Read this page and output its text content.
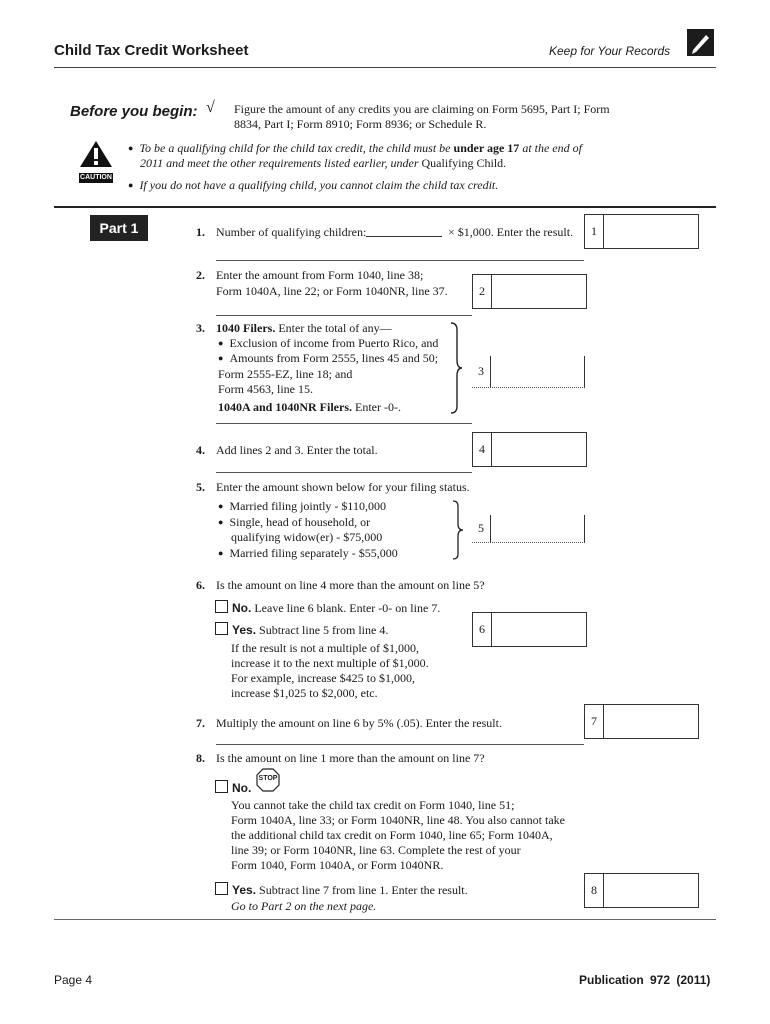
Child Tax Credit Worksheet	Keep for Your Records
Before you begin: √ Figure the amount of any credits you are claiming on Form 5695, Part I; Form
8834, Part I; Form 8910; Form 8936; or Schedule R.
CAUTION
● To be a qualifying child for the child tax credit, the child must be under age 17 at the end of
2011 and meet the other requirements listed earlier, under Qualifying Child.
● If you do not have a qualifying child, you cannot claim the child tax credit.
Part 1	1. Number of qualifying children:	× $1,000. Enter the result.	1
2. Enter the amount from Form 1040, line 38;
Form 1040A, line 22; or Form 1040NR, line 37.	2
3. 1040 Filers. Enter the total of any—
● Exclusion of income from Puerto Rico, and
● Amounts from Form 2555, lines 45 and 50;
Form 2555-EZ, line 18; and
Form 4563, line 15.
1040A and 1040NR Filers. Enter -0-.
3
4. Add lines 2 and 3. Enter the total.	4
5. Enter the amount shown below for your filing status.
● Married filing jointly - $110,000
● Single, head of household, or
qualifying widow(er) - $75,000
● Married filing separately - $55,000
5
6. Is the amount on line 4 more than the amount on line 5?
No. Leave line 6 blank. Enter -0- on line 7.
Yes. Subtract line 5 from line 4.
If the result is not a multiple of $1,000,
increase it to the next multiple of $1,000.
For example, increase $425 to $1,000,
increase $1,025 to $2,000, etc.
6
7. Multiply the amount on line 6 by 5% (.05). Enter the result.	7
8. Is the amount on line 1 more than the amount on line 7?
No.
STOP
You cannot take the child tax credit on Form 1040, line 51;
Form 1040A, line 33; or Form 1040NR, line 48. You also cannot take
the additional child tax credit on Form 1040, line 65; Form 1040A,
line 39; or Form 1040NR, line 63. Complete the rest of your
Form 1040, Form 1040A, or Form 1040NR.
Yes. Subtract line 7 from line 1. Enter the result.
Go to Part 2 on the next page.
8
Page 4	Publication 972 (2011)
